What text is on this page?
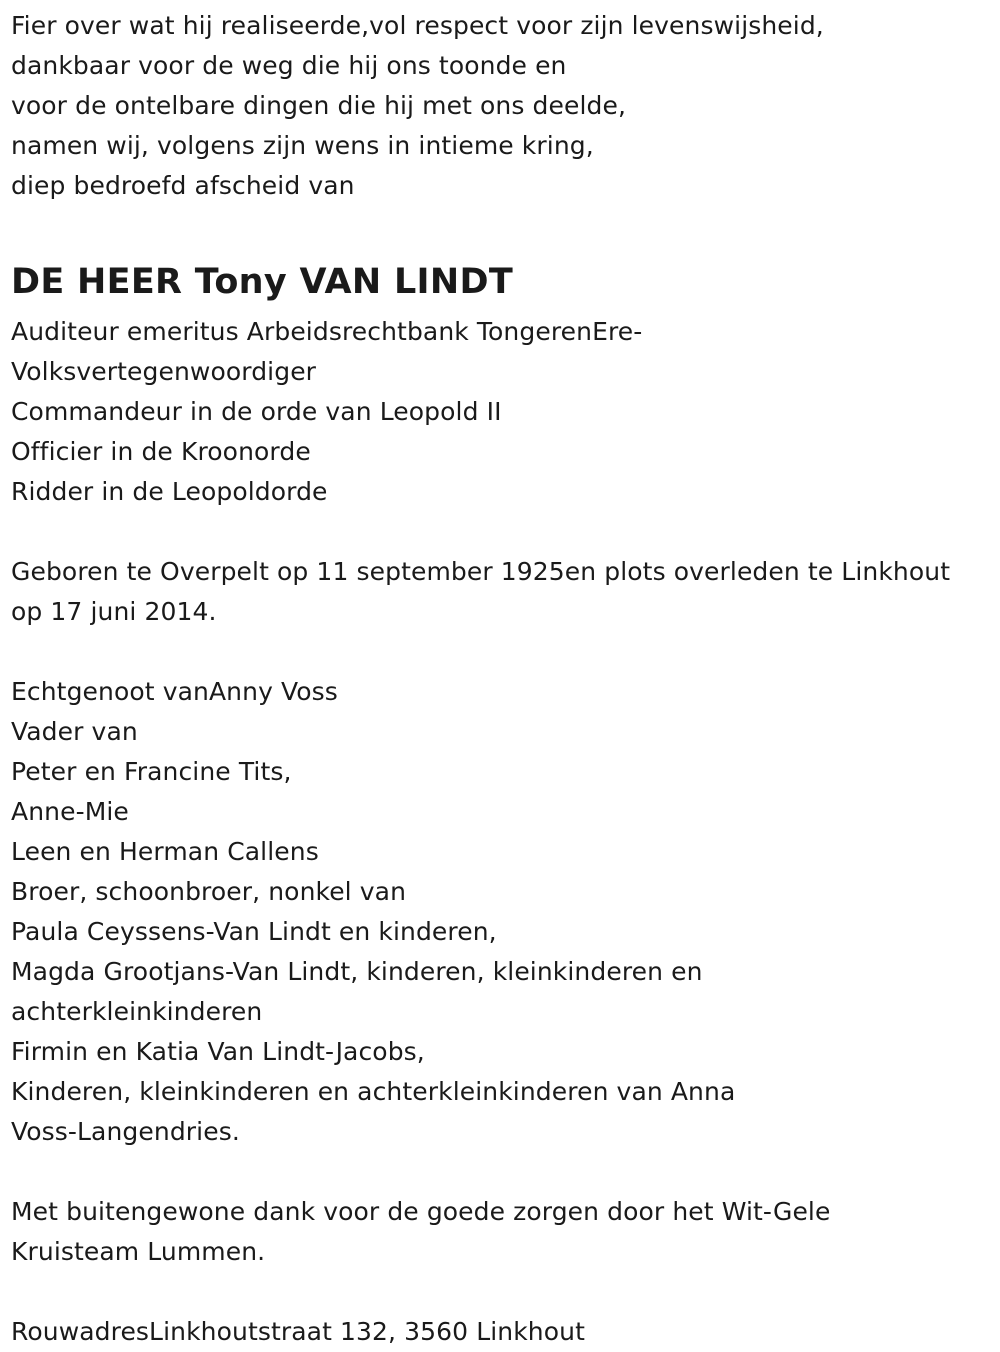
Fier over wat hij realiseerde,vol respect voor zijn levenswijsheid,
dankbaar voor de weg die hij ons toonde en
voor de ontelbare dingen die hij met ons deelde,
namen wij, volgens zijn wens in intieme kring,
diep bedroefd afscheid van
DE HEER Tony VAN LINDT
Auditeur emeritus Arbeidsrechtbank TongerenEre-
Volksvertegenwoordiger
Commandeur in de orde van Leopold II
Officier in de Kroonorde
Ridder in de Leopoldorde
Geboren te Overpelt op 11 september 1925en plots overleden te Linkhout
op 17 juni 2014.
Echtgenoot vanAnny Voss
Vader van
Peter en Francine Tits,
Anne-Mie
Leen en Herman Callens
Broer, schoonbroer, nonkel van
Paula Ceyssens-Van Lindt en kinderen,
Magda Grootjans-Van Lindt, kinderen, kleinkinderen en
achterkleinkinderen
Firmin en Katia Van Lindt-Jacobs,
Kinderen, kleinkinderen en achterkleinkinderen van Anna
Voss-Langendries.
Met buitengewone dank voor de goede zorgen door het Wit-Gele
Kruisteam Lummen.
RouwadresLinkhoutstraat 132, 3560 Linkhout
